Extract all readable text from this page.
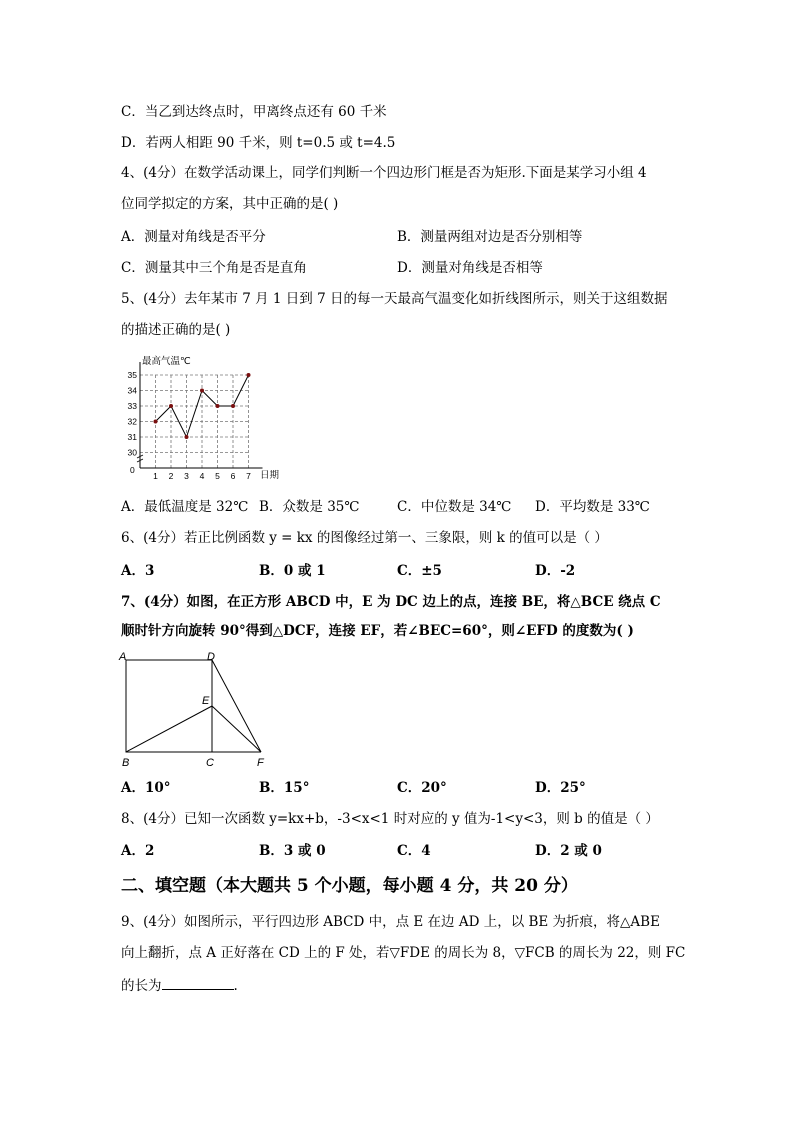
C．当乙到达终点时，甲离终点还有 60 千米
D．若两人相距 90 千米，则 t=0.5 或 t=4.5
4、(4分）在数学活动课上，同学们判断一个四边形门框是否为矩形.下面是某学习小组 4
位同学拟定的方案，其中正确的是( )
A．测量对角线是否平分	B．测量两组对边是否分别相等
C．测量其中三个角是否是直角	D．测量对角线是否相等
5、(4分）去年某市 7 月 1 日到 7 日的每一天最高气温变化如折线图所示，则关于这组数据
的描述正确的是( )
30
31
32
33
34
35
1 2 3 4 5 6 7
最高气温℃
日期
0
A．最低温度是 32℃ B．众数是 35℃	C．中位数是 34℃ D．平均数是 33℃
6、(4分）若正比例函数 y = kx 的图像经过第一、三象限，则 k 的值可以是（ ）
A．3	B．0 或 1	C．±5	D．-2
7、(4分）如图，在正方形 ABCD 中，E 为 DC 边上的点，连接 BE，将△BCE 绕点 C
顺时针方向旋转 90°得到△DCF，连接 EF，若∠BEC=60°，则∠EFD 的度数为( )
A	D
E
B	C	F
A．10°	B．15°	C．20°	D．25°
8、(4分）已知一次函数 y=kx+b，-3<x<1 时对应的 y 值为-1<y<3，则 b 的值是（ ）
A．2	B．3 或 0	C．4	D．2 或 0
二、填空题（本大题共 5 个小题，每小题 4 分，共 20 分）
9、(4分）如图所示，平行四边形 ABCD 中，点 E 在边 AD 上，以 BE 为折痕，将△ABE
向上翻折，点 A 正好落在 CD 上的 F 处，若▽FDE 的周长为 8，▽FCB 的周长为 22，则 FC
的长为	.
